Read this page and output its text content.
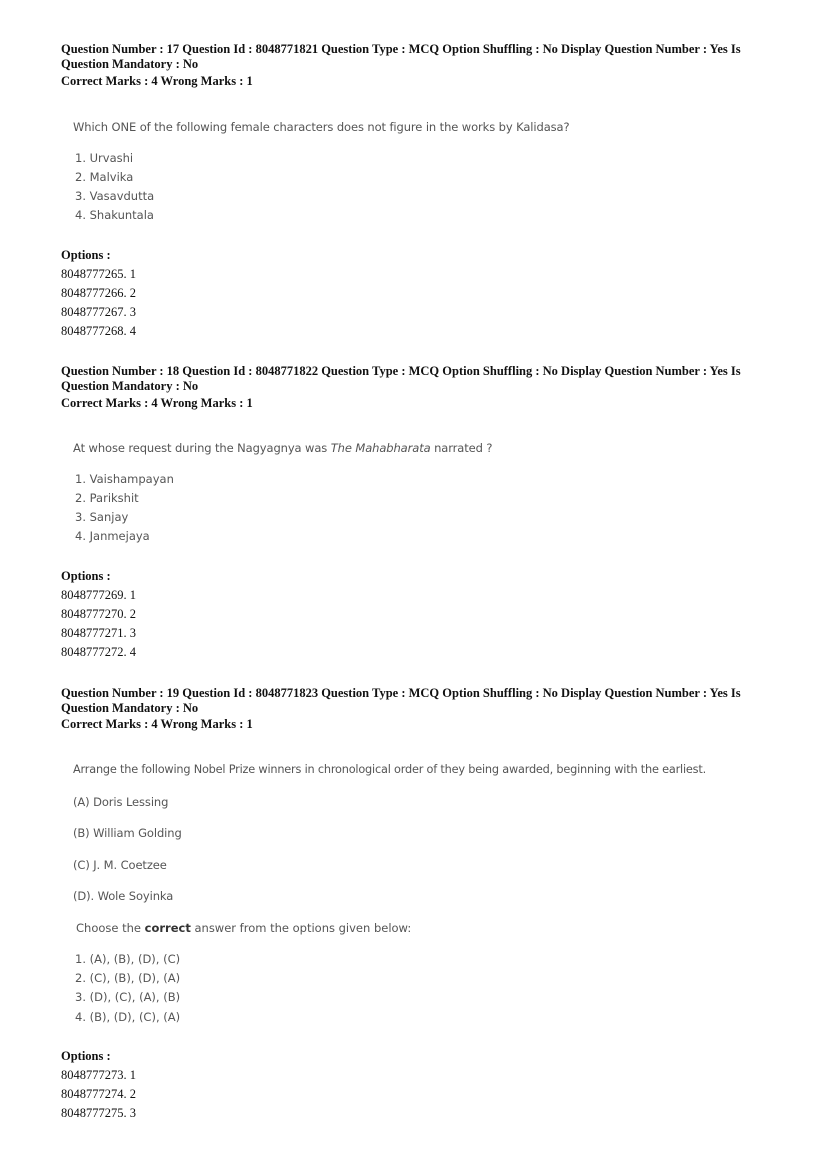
Question Number : 17 Question Id : 8048771821 Question Type : MCQ Option Shuffling : No Display Question Number : Yes Is
Question Mandatory : No
Correct Marks : 4 Wrong Marks : 1
Which ONE of the following female characters does not figure in the works by Kalidasa?
1. Urvashi
2. Malvika
3. Vasavdutta
4. Shakuntala
Options :
8048777265. 1
8048777266. 2
8048777267. 3
8048777268. 4
Question Number : 18 Question Id : 8048771822 Question Type : MCQ Option Shuffling : No Display Question Number : Yes Is
Question Mandatory : No
Correct Marks : 4 Wrong Marks : 1
At whose request during the Nagyagnya was The Mahabharata narrated ?
1. Vaishampayan
2. Parikshit
3. Sanjay
4. Janmejaya
Options :
8048777269. 1
8048777270. 2
8048777271. 3
8048777272. 4
Question Number : 19 Question Id : 8048771823 Question Type : MCQ Option Shuffling : No Display Question Number : Yes Is
Question Mandatory : No
Correct Marks : 4 Wrong Marks : 1
Arrange the following Nobel Prize winners in chronological order of they being awarded, beginning with the earliest.
(A) Doris Lessing
(B) William Golding
(C) J. M. Coetzee
(D). Wole Soyinka
Choose the correct answer from the options given below:
1. (A), (B), (D), (C)
2. (C), (B), (D), (A)
3. (D), (C), (A), (B)
4. (B), (D), (C), (A)
Options :
8048777273. 1
8048777274. 2
8048777275. 3
